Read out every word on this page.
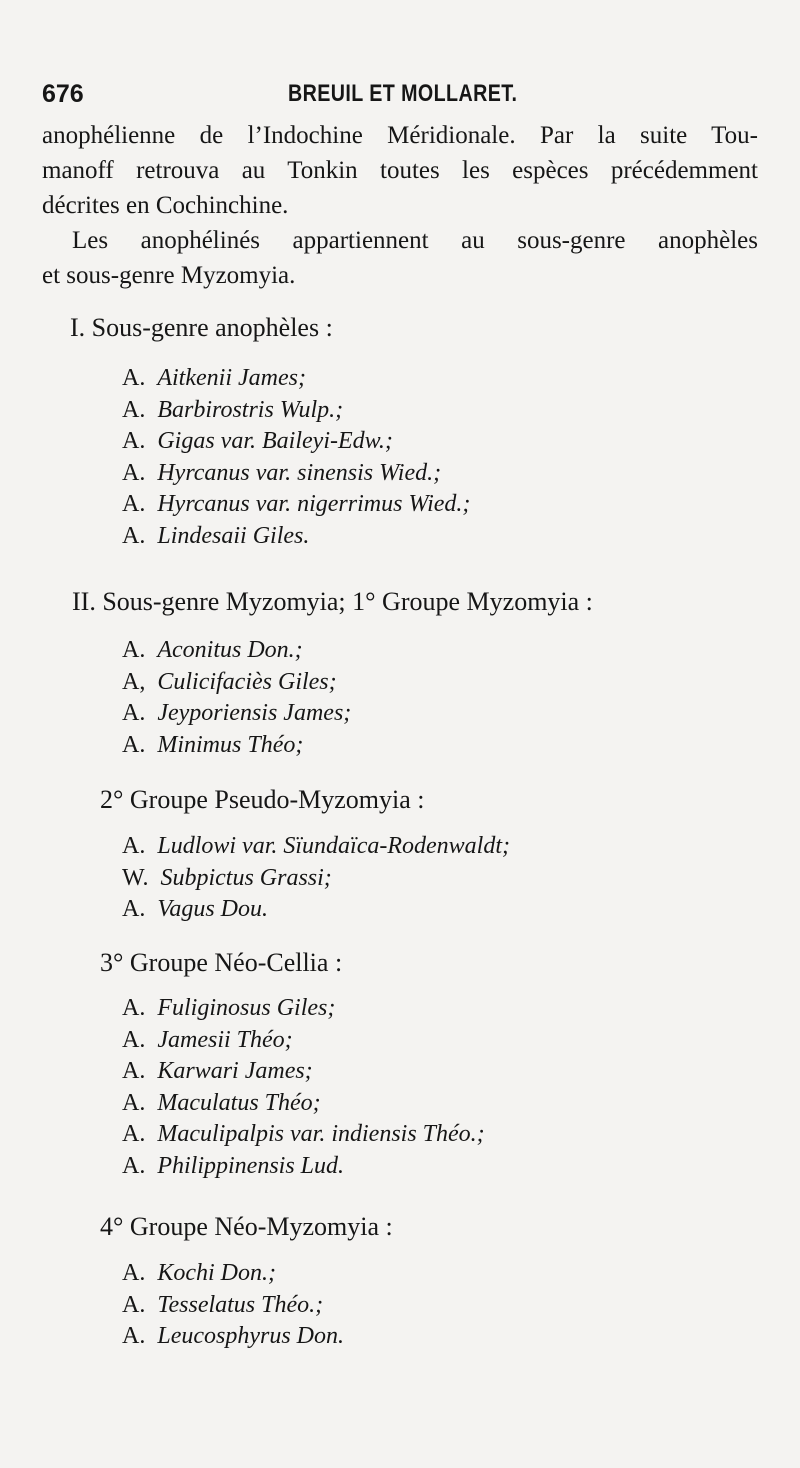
676	BREUIL ET MOLLARET.
anophélienne de l’Indochine Méridionale. Par la suite Tou-
manoff retrouva au Tonkin toutes les espèces précédemment
décrites en Cochinchine.
Les anophélinés appartiennent au sous-genre anophèles
et sous-genre Myzomyia.
I. Sous-genre anophèles :
A. Aitkenii James;
A. Barbirostris Wulp.;
A. Gigas var. Baileyi-Edw.;
A. Hyrcanus var. sinensis Wied.;
A. Hyrcanus var. nigerrimus Wied.;
A. Lindesaii Giles.
II. Sous-genre Myzomyia; 1° Groupe Myzomyia :
A. Aconitus Don.;
A, Culicifaciès Giles;
A. Jeyporiensis James;
A. Minimus Théo;
2° Groupe Pseudo-Myzomyia :
A. Ludlowi var. Sïundaïca-Rodenwaldt;
W. Subpictus Grassi;
A. Vagus Dou.
3° Groupe Néo-Cellia :
A. Fuliginosus Giles;
A. Jamesii Théo;
A. Karwari James;
A. Maculatus Théo;
A. Maculipalpis var. indiensis Théo.;
A. Philippinensis Lud.
4° Groupe Néo-Myzomyia :
A. Kochi Don.;
A. Tesselatus Théo.;
A. Leucosphyrus Don.
